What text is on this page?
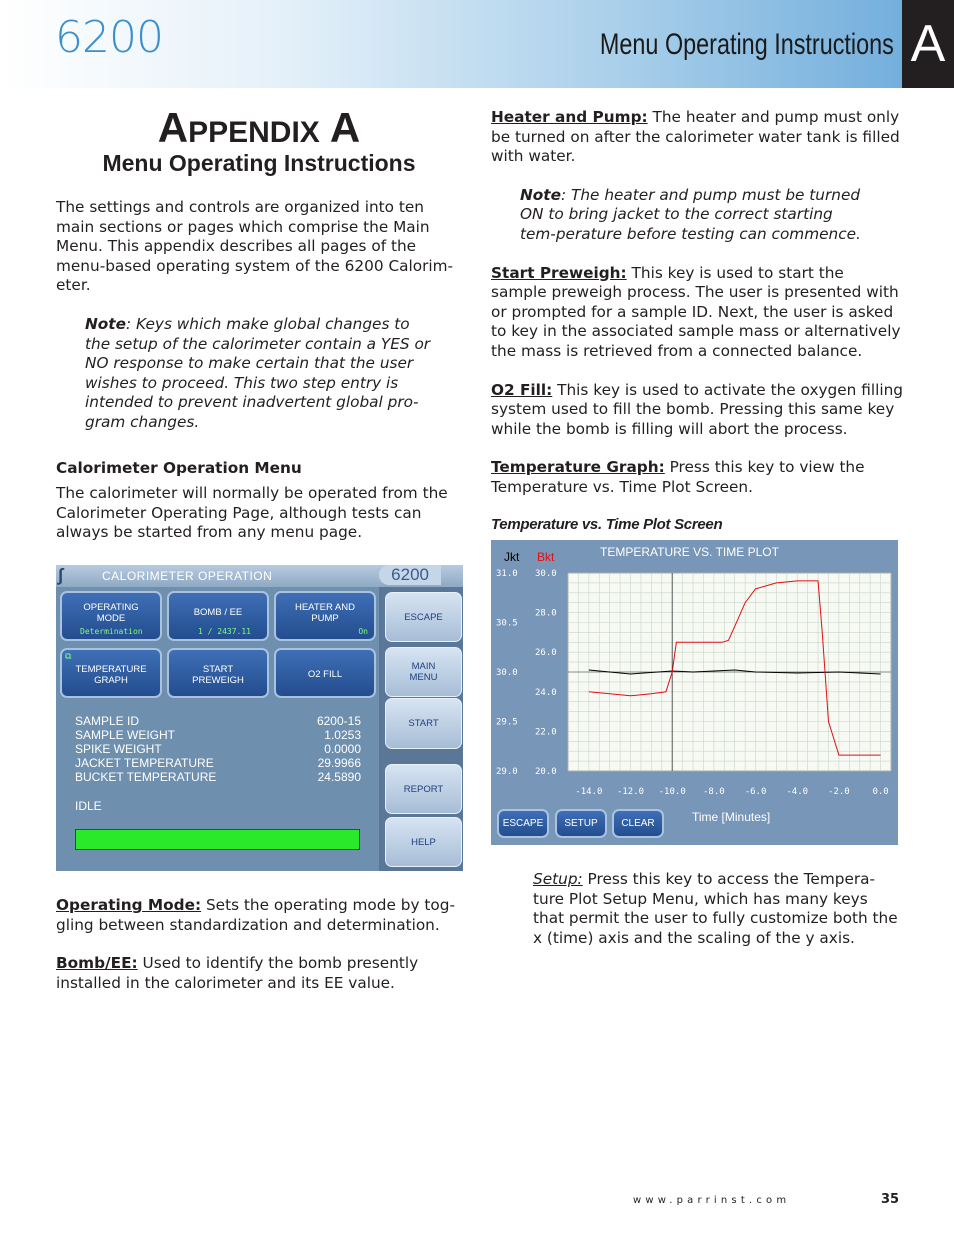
6200	Menu Operating Instructions A
APPENDIX A
Menu Operating Instructions

The settings and controls are organized into ten main sections or pages which comprise the Main Menu. This appendix describes all pages of the menu-based operating system of the 6200 Calorim-eter.

Note: Keys which make global changes to the setup of the calorimeter contain a YES or NO response to make certain that the user wishes to proceed. This two step entry is intended to prevent inadvertent global pro-gram changes.

Calorimeter Operation Menu

The calorimeter will normally be operated from the Calorimeter Operating Page, although tests can always be started from any menu page.

∫	CALORIMETER OPERATION	6200
OPERATING
MODE
Determination
BOMB / EE
1 / 2437.11
HEATER AND
PUMP
On
⧉
TEMPERATURE
GRAPH
START
PREWEIGH
O2 FILL
ESCAPE
MAIN
MENU
START
REPORT
HELP
SAMPLE ID	6200-15
SAMPLE WEIGHT	1.0253
SPIKE WEIGHT	0.0000
JACKET TEMPERATURE	29.9966
BUCKET TEMPERATURE	24.5890
IDLE

Operating Mode: Sets the operating mode by tog-gling between standardization and determination.

Bomb/EE: Used to identify the bomb presently installed in the calorimeter and its EE value.

Heater and Pump: The heater and pump must only be turned on after the calorimeter water tank is filled with water.

Note: The heater and pump must be turned ON to bring jacket to the correct starting tem-perature before testing can commence.

Start Preweigh: This key is used to start the sample preweigh process. The user is presented with or prompted for a sample ID. Next, the user is asked to key in the associated sample mass or alternatively the mass is retrieved from a connected balance.

O2 Fill: This key is used to activate the oxygen filling system used to fill the bomb. Pressing this same key while the bomb is filling will abort the process.

Temperature Graph: Press this key to view the Temperature vs. Time Plot Screen.

Temperature vs. Time Plot Screen
Jkt Bkt	TEMPERATURE VS. TIME PLOT
-14.0 -12.0 -10.0 -8.0 -6.0 -4.0 -2.0	0.0
31.0
30.5
30.0
29.5
29.0
30.0
28.0
26.0
24.0
22.0
20.0
ESCAPE	SETUP	CLEAR	Time [Minutes]

Setup: Press this key to access the Tempera-ture Plot Setup Menu, which has many keys that permit the user to fully customize both the x (time) axis and the scaling of the y axis.

www.parrinst.com	35
